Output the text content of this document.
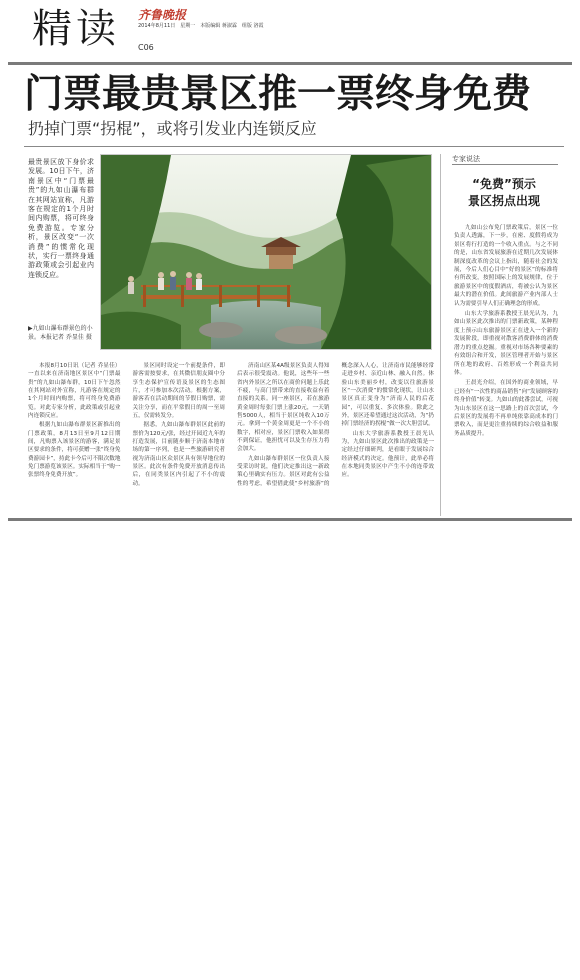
精读 齐鲁晚报
2014年8月11日　星期一　本版编辑 蒋淑霖　组版 洛霞
C06
门票最贵景区推一票终身免费
扔掉门票“拐棍”，或将引发业内连锁反应
最贵景区放下身价求发展。10日下午，济南景区中“门票最贵”的九如山瀑布群在其网站宣称，凡游客在规定的1个月时间内购票，将可终身免费游览。专家分析，景区改变“一次消费”的惯常化现状，实行一票终身通游政策或会引起业内连锁反应。
▶九如山瀑布群景色的小景。本报记者 乔显佳 摄
专家说法
“免费”预示
景区拐点出现

九如山公布免门票政策后，景区一位负责人透露，下一步，在密、度假将成为景区将行打造的一个收入重点。与之不同的是，山东省发展旅游在近期几次发展体制深度改革的会议上指出，随着社会的发展，今后人们心目中“好的景区”的标准将有所改变，按照国际上的发展规律，位于旅游景区中的度假酒店，将被公认为景区最大的潜在价值。此间旅游产业内部人士认为需要引导人们正确理念的形成。

山东大学旅游系教授王晨光认为，九如山景区此次推出的门票新政策，某种程度上预示山东旅游景区正在进入一个新的发展阶段，即重视对散客消费群体的消费潜力的重点挖掘。重视对市场各种要素的有效组合和开发，景区管理者开始与景区所在地的政府、百姓形成一个利益共同体。

王晨光介绍，在国外的商业领域，早已经有“一次性的商品销售”向“发展顾客的终身价值”转变。九如山的此番尝试，可视为山东景区在这一思路上的首次尝试，今后景区的发展将不再单纯依靠高成本的门票收入，而是更注重持续的综合收益和服务品质提升。

本报8月10日讯（记者 乔显佳）一直以来在济南地区景区中“门票最贵”的九如山瀑布群，10日下午忽然在其网站对外宣称，凡游客在规定的1个月时间内购票，将可终身免费游览。对此专家分析，此政策或引起业内连锁反应。

根据九如山瀑布群景区新推出的门票政策，8月13日至9月12日期间，凡购票入该景区的游客，满足景区要求的条件，将可获赠一张“终身免费游园卡”，持此卡今后可不限次数地免门票游览该景区。实际相当于“购一张票终身免费开放”。

景区同时设定一个前提条件，即游客需按要求，在其微信朋友圈中分享生态保护宣传语及景区的生态图片，才可参加本次活动。根据方案，游客若在活动期间的节假日购票，需关注分享，而在平常假日的周一至周五，仅需转发分。

据悉，九如山瀑布群景区此前的票价为120元/张，经过开园近九年的打造发展，目前随步顺于济南本地市场的第一序列，也是一些旅游研究者视为济南山区众景区具有领导地位的景区。此次有条件免费开放消息传出后，在同类景区内引起了不小的震动。

济南山区某4A级景区负责人得知后表示很受震动。他说，这些年一些省内外景区之所以在商价问题上乐此不疲，与高门票带来的直接收益有着直接的关系。同一座景区，若在旅游黄金周时每张门票上涨20元，一天销售5000人，相当于景区纯收入10万元。拿到一个黄金周更是一个不小的数字，相对应，景区门票收入如果得不到保证，他担忧可以及生存压力将会加大。

九如山瀑布群景区一位负责人接受采访时说，他们决定推出这一新政策心里确实有压力。景区对此有公益性的考虑，希望借此使“乡村旅游”的概念深入人心，让济南市民能够经常走进乡村、亲近山林、融入自然。体验山东美丽乡村，改变以往旅游景区“一次消费”的惯常化现状，让山水景区真正变身为“济南人民的后花园”，可以重复、多次体验。除此之外，景区还希望通过这次活动，为“扔掉门票经济的拐棍”做一次大胆尝试。

山东大学旅游系教授王晨光认为，九如山景区此次推出的政策是一定经过仔细研判，是看眼于发展综合经济模式的决定。他预计，此举必将在本地同类景区中产生不小的连带效应。
